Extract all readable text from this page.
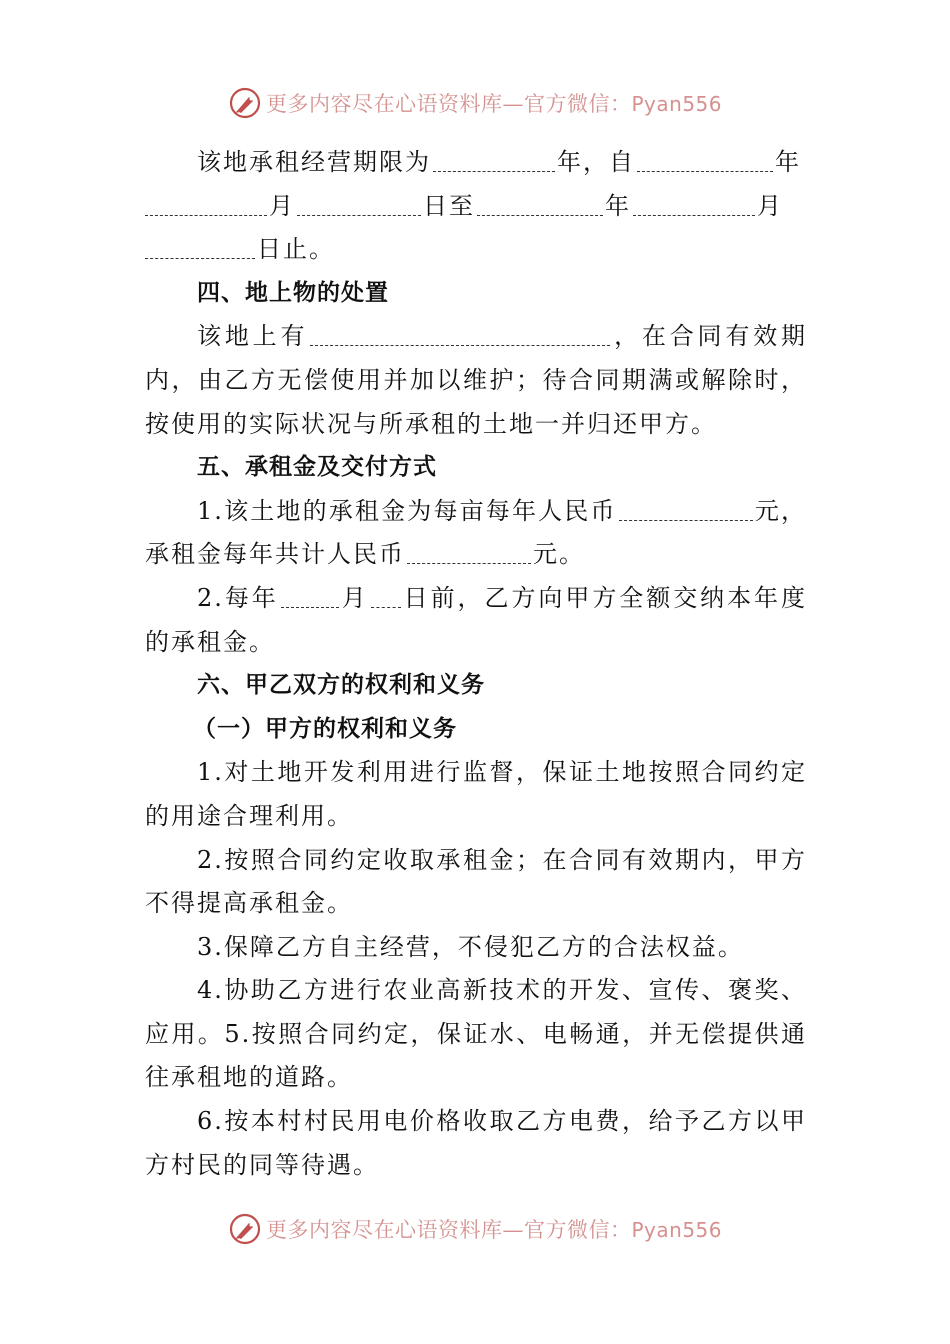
更多内容尽在心语资料库—官方微信：Pyan556

该地承租经营期限为	年，自	年
月	日至	年	月
日止。

四、地上物的处置

该地上有	，在合同有效期内，由乙方无偿使用并加以维护；待合同期满或解除时，按使用的实际状况与所承租的土地一并归还甲方。

五、承租金及交付方式

1.该土地的承租金为每亩每年人民币	元，承租金每年共计人民币	元。

2.每年	月 日前，乙方向甲方全额交纳本年度的承租金。

六、甲乙双方的权利和义务

（一）甲方的权利和义务

1.对土地开发利用进行监督，保证土地按照合同约定的用途合理利用。

2.按照合同约定收取承租金；在合同有效期内，甲方不得提高承租金。

3.保障乙方自主经营，不侵犯乙方的合法权益。

4.协助乙方进行农业高新技术的开发、宣传、褒奖、应用。5.按照合同约定，保证水、电畅通，并无偿提供通往承租地的道路。

6.按本村村民用电价格收取乙方电费，给予乙方以甲方村民的同等待遇。

更多内容尽在心语资料库—官方微信：Pyan556
